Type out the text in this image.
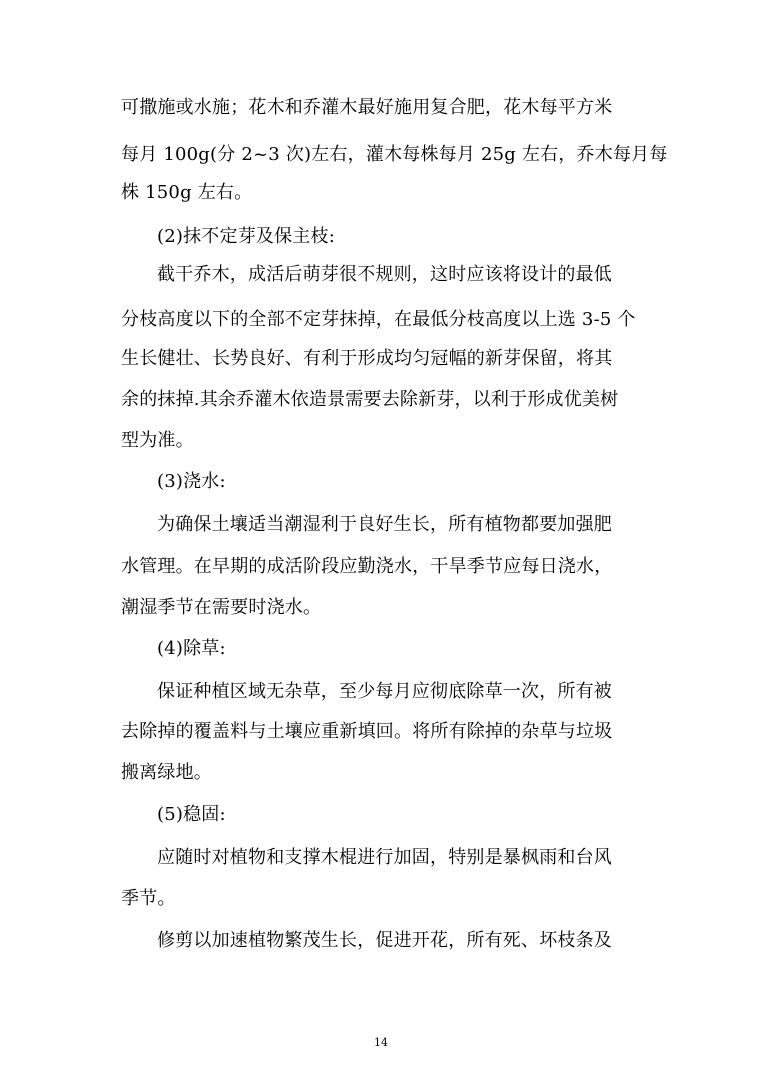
可撒施或水施；花木和乔灌木最好施用复合肥，花木每平方米
每月 100g(分 2~3 次)左右，灌木每株每月 25g 左右，乔木每月每
株 150g 左右。
(2)抹不定芽及保主枝:
截干乔木，成活后萌芽很不规则，这时应该将设计的最低
分枝高度以下的全部不定芽抹掉，在最低分枝高度以上选 3-5 个
生长健壮、长势良好、有利于形成均匀冠幅的新芽保留，将其
余的抹掉.其余乔灌木依造景需要去除新芽，以利于形成优美树
型为准。
(3)浇水:
为确保土壤适当潮湿利于良好生长，所有植物都要加强肥
水管理。在早期的成活阶段应勤浇水，干旱季节应每日浇水，
潮湿季节在需要时浇水。
(4)除草:
保证种植区域无杂草，至少每月应彻底除草一次，所有被
去除掉的覆盖料与土壤应重新填回。将所有除掉的杂草与垃圾
搬离绿地。
(5)稳固:
应随时对植物和支撑木棍进行加固，特别是暴枫雨和台风
季节。
修剪以加速植物繁茂生长，促进开花，所有死、坏枝条及
14
